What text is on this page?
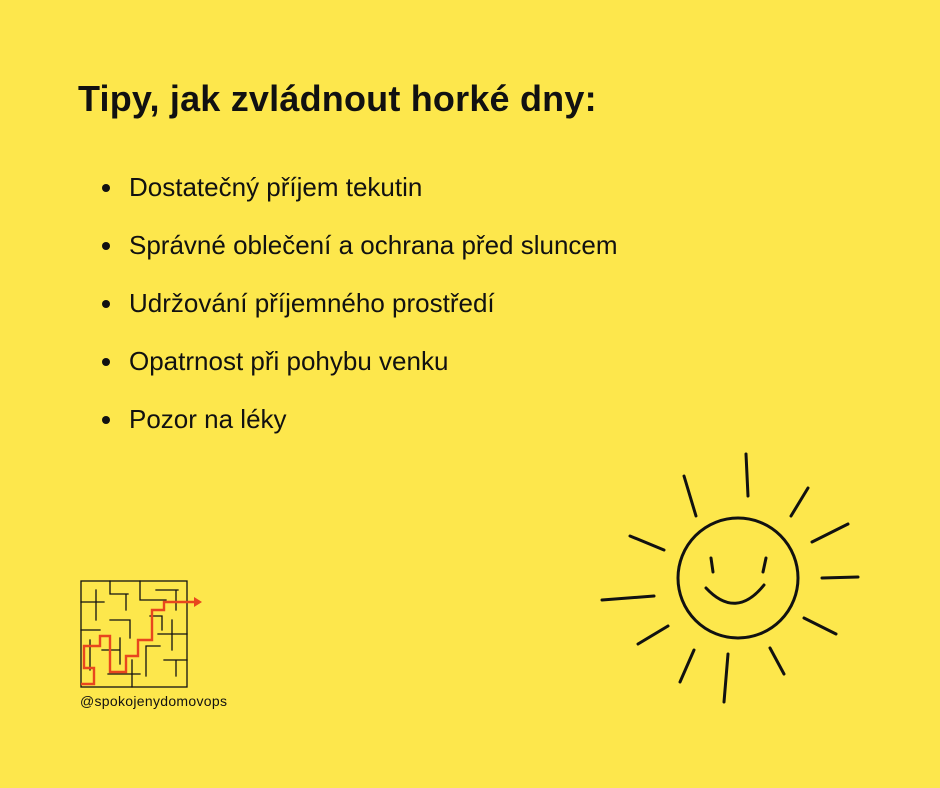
Tipy, jak zvládnout horké dny:
Dostatečný příjem tekutin
Správné oblečení a ochrana před sluncem
Udržování příjemného prostředí
Opatrnost při pohybu venku
Pozor na léky
@spokojenydomovops
